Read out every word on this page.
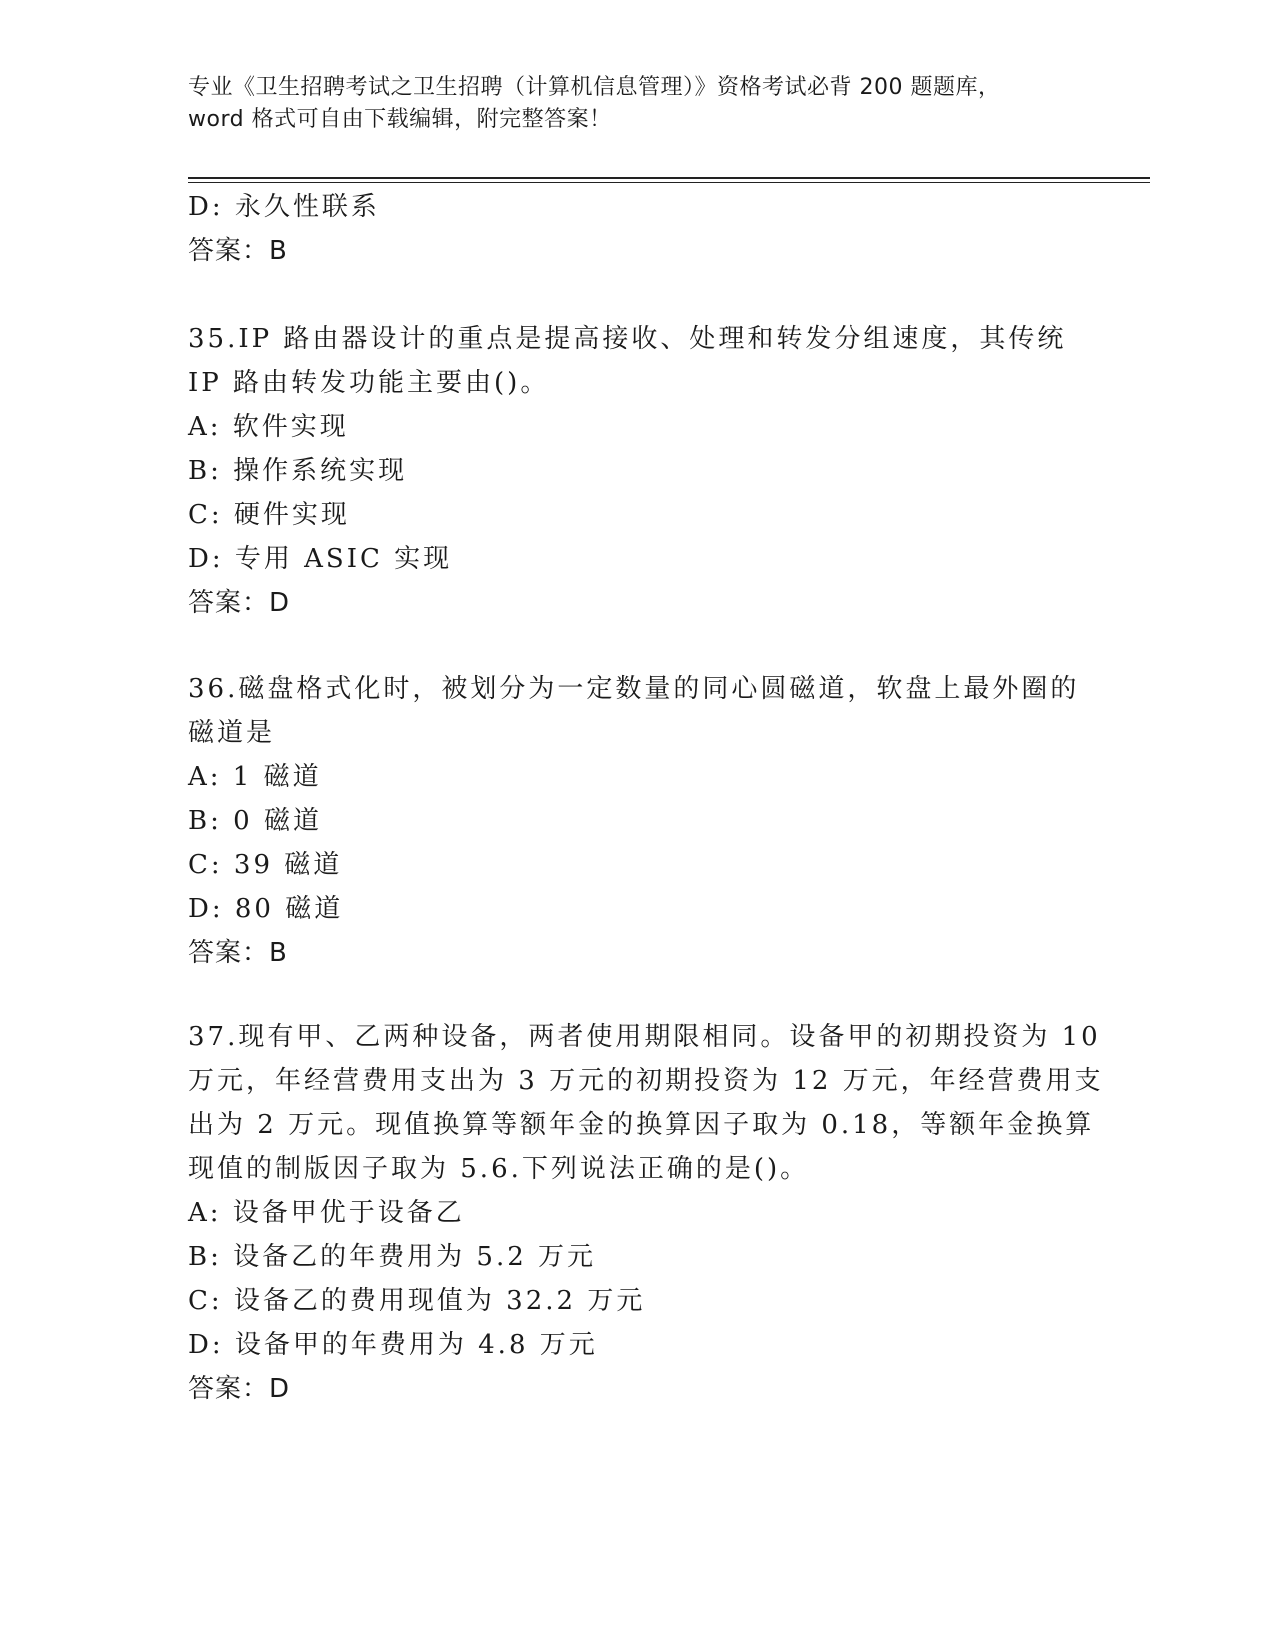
专业《卫生招聘考试之卫生招聘（计算机信息管理）》资格考试必背 200 题题库，
word 格式可自由下载编辑，附完整答案！
D: 永久性联系
答案：B
35.IP 路由器设计的重点是提高接收、处理和转发分组速度，其传统
IP 路由转发功能主要由()。
A: 软件实现
B: 操作系统实现
C: 硬件实现
D: 专用 ASIC 实现
答案：D
36.磁盘格式化时，被划分为一定数量的同心圆磁道，软盘上最外圈的
磁道是
A: 1 磁道
B: 0 磁道
C: 39 磁道
D: 80 磁道
答案：B
37.现有甲、乙两种设备，两者使用期限相同。设备甲的初期投资为 10
万元，年经营费用支出为 3 万元的初期投资为 12 万元，年经营费用支
出为 2 万元。现值换算等额年金的换算因子取为 0.18，等额年金换算
现值的制版因子取为 5.6.下列说法正确的是()。
A: 设备甲优于设备乙
B: 设备乙的年费用为 5.2 万元
C: 设备乙的费用现值为 32.2 万元
D: 设备甲的年费用为 4.8 万元
答案：D
